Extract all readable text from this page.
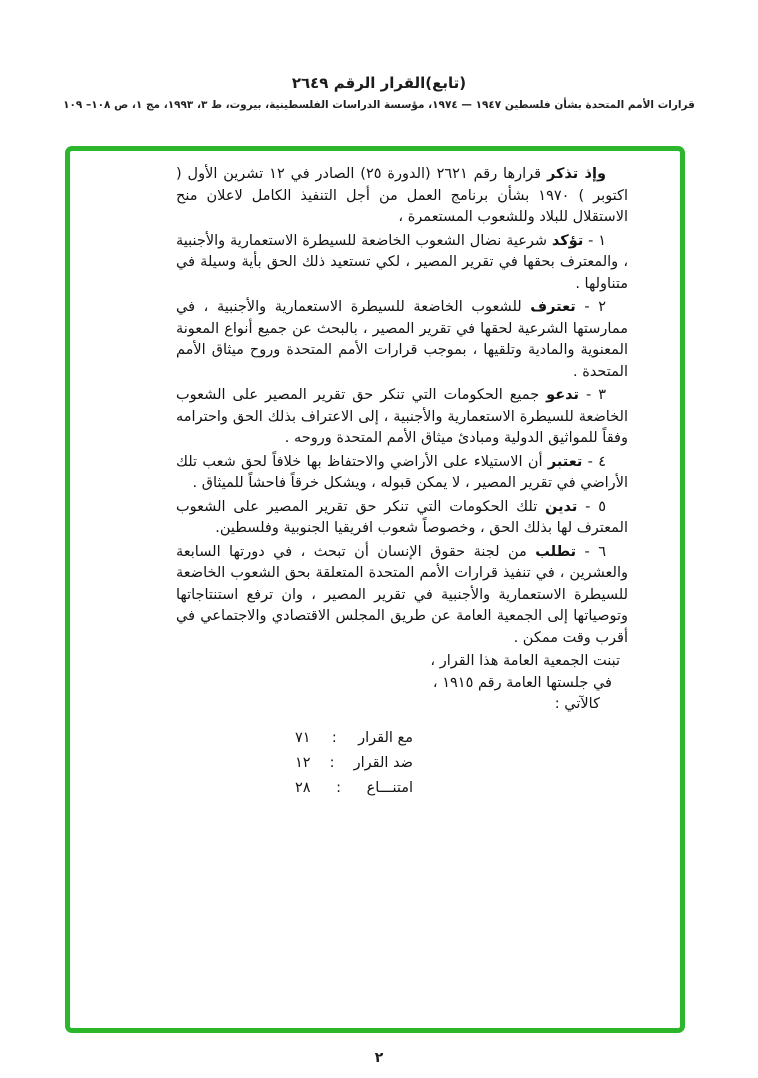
(تابع)القرار الرقم ٢٦٤٩
قرارات الأمم المتحدة بشأن فلسطين ١٩٤٧ — ١٩٧٤، مؤسسة الدراسات الفلسطينية، بيروت، ط ٣، ١٩٩٣، مج ١، ص ١٠٨– ١٠٩

وإذ تذكر قرارها رقم ٢٦٢١ (الدورة ٢٥) الصادر في ١٢ تشرين الأول ( اكتوبر ) ١٩٧٠ بشأن برنامج العمل من أجل التنفيذ الكامل لاعلان منح الاستقلال للبلاد وللشعوب المستعمرة ،

١ - تؤكد شرعية نضال الشعوب الخاضعة للسيطرة الاستعمارية والأجنبية ، والمعترف بحقها في تقرير المصير ، لكي تستعيد ذلك الحق بأية وسيلة في متناولها .

٢ - تعترف للشعوب الخاضعة للسيطرة الاستعمارية والأجنبية ، في ممارستها الشرعية لحقها في تقرير المصير ، بالبحث عن جميع أنواع المعونة المعنوية والمادية وتلقيها ، بموجب قرارات الأمم المتحدة وروح ميثاق الأمم المتحدة .

٣ - تدعو جميع الحكومات التي تنكر حق تقرير المصير على الشعوب الخاضعة للسيطرة الاستعمارية والأجنبية ، إلى الاعتراف بذلك الحق واحترامه وفقاً للمواثيق الدولية ومبادئ ميثاق الأمم المتحدة وروحه .

٤ - تعتبر أن الاستيلاء على الأراضي والاحتفاظ بها خلافاً لحق شعب تلك الأراضي في تقرير المصير ، لا يمكن قبوله ، ويشكل خرقاً فاحشاً للميثاق .

٥ - تدين تلك الحكومات التي تنكر حق تقرير المصير على الشعوب المعترف لها بذلك الحق ، وخصوصاً شعوب افريقيا الجنوبية وفلسطين.

٦ - تطلب من لجنة حقوق الإنسان أن تبحث ، في دورتها السابعة والعشرين ، في تنفيذ قرارات الأمم المتحدة المتعلقة بحق الشعوب الخاضعة للسيطرة الاستعمارية والأجنبية في تقرير المصير ، وان ترفع استنتاجاتها وتوصياتها إلى الجمعية العامة عن طريق المجلس الاقتصادي والاجتماعي في أقرب وقت ممكن .

تبنت الجمعية العامة هذا القرار ،

في جلستها العامة رقم ١٩١٥ ،

كالآتي :

مع القرار
:
٧١
ضد القرار
:
١٢
امتنـــاع
:
٢٨
٢
